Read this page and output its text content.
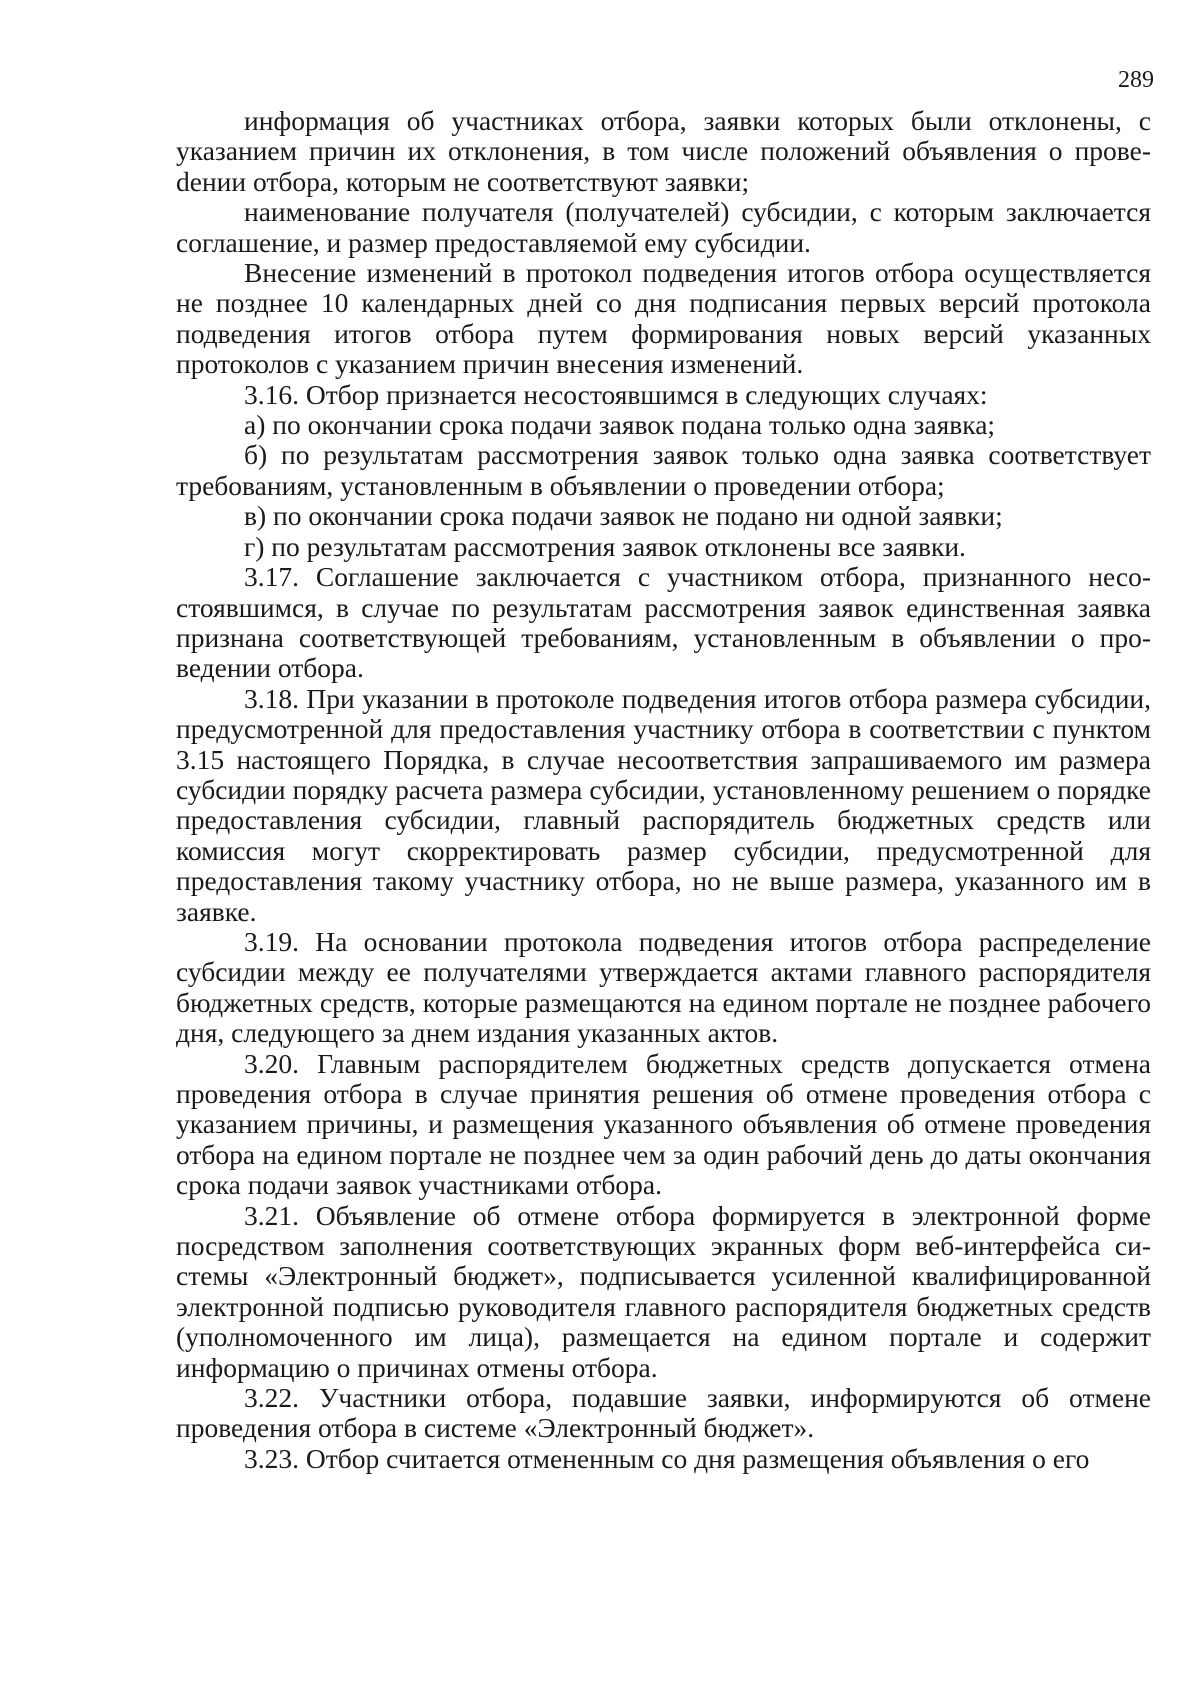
289

информация об участниках отбора, заявки которых были отклонены, с указанием причин их отклонения, в том числе положений объявления о провеdении отбора, которым не соответствуют заявки;

наименование получателя (получателей) субсидии, с которым заключается соглашение, и размер предоставляемой ему субсидии.

Внесение изменений в протокол подведения итогов отбора осуществляется не позднее 10 календарных дней со дня подписания первых версий протокола подведения итогов отбора путем формирования новых версий указанных протоколов с указанием причин внесения изменений.

3.16. Отбор признается несостоявшимся в следующих случаях:

а) по окончании срока подачи заявок подана только одна заявка;

б) по результатам рассмотрения заявок только одна заявка соответствует требованиям, установленным в объявлении о проведении отбора;

в) по окончании срока подачи заявок не подано ни одной заявки;

г) по результатам рассмотрения заявок отклонены все заявки.

3.17. Соглашение заключается с участником отбора, признанного несостоявшимся, в случае по результатам рассмотрения заявок единственная заявка признана соответствующей требованиям, установленным в объявлении о проведении отбора.

3.18. При указании в протоколе подведения итогов отбора размера субсидии, предусмотренной для предоставления участнику отбора в соответствии с пунктом 3.15 настоящего Порядка, в случае несоответствия запрашиваемого им размера субсидии порядку расчета размера субсидии, установленному решением о порядке предоставления субсидии, главный распорядитель бюджетных средств или комиссия могут скорректировать размер субсидии, предусмотренной для предоставления такому участнику отбора, но не выше размера, указанного им в заявке.

3.19. На основании протокола подведения итогов отбора распределение субсидии между ее получателями утверждается актами главного распорядителя бюджетных средств, которые размещаются на едином портале не позднее рабочего дня, следующего за днем издания указанных актов.

3.20. Главным распорядителем бюджетных средств допускается отмена проведения отбора в случае принятия решения об отмене проведения отбора с указанием причины, и размещения указанного объявления об отмене проведения отбора на едином портале не позднее чем за один рабочий день до даты окончания срока подачи заявок участниками отбора.

3.21. Объявление об отмене отбора формируется в электронной форме посредством заполнения соответствующих экранных форм веб-интерфейса системы «Электронный бюджет», подписывается усиленной квалифицированной электронной подписью руководителя главного распорядителя бюджетных средств (уполномоченного им лица), размещается на едином портале и содержит информацию о причинах отмены отбора.

3.22. Участники отбора, подавшие заявки, информируются об отмене проведения отбора в системе «Электронный бюджет».

3.23. Отбор считается отмененным со дня размещения объявления о его
